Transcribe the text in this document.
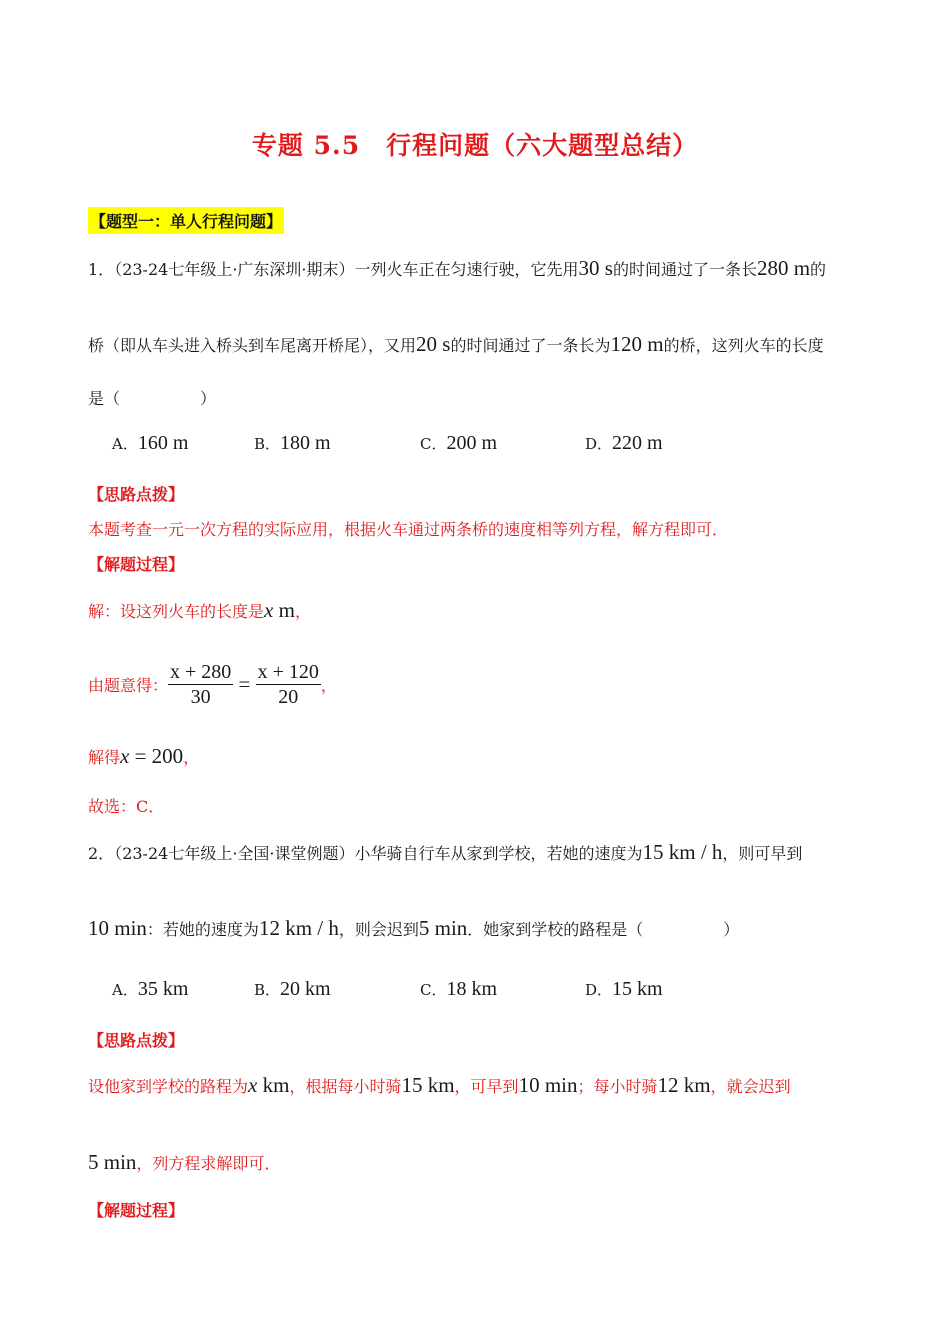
专题 5.5　行程问题（六大题型总结）
【题型一：单人行程问题】
1．（23-24七年级上·广东深圳·期末）一列火车正在匀速行驶，它先用30 s的时间通过了一条长280 m的
桥（即从车头进入桥头到车尾离开桥尾），又用20 s的时间通过了一条长为120 m的桥，这列火车的长度
是（　　　　　）
A．160 m	B．180 m	C．200 m	D．220 m
【思路点拨】
本题考查一元一次方程的实际应用，根据火车通过两条桥的速度相等列方程，解方程即可．
【解题过程】
解：设这列火车的长度是x m，
由题意得： $\frac{x + 280}{30} = \frac{x + 120}{20}$ ，
解得x = 200，
故选：C．
2．（23-24七年级上·全国·课堂例题）小华骑自行车从家到学校，若她的速度为15 km / h，则可早到
10 min：若她的速度为12 km / h，则会迟到5 min．她家到学校的路程是（　　　　　）
A．35 km	B．20 km	C．18 km	D．15 km
【思路点拨】
设他家到学校的路程为x km，根据每小时骑15 km，可早到10 min；每小时骑12 km，就会迟到
5 min，列方程求解即可．
【解题过程】
